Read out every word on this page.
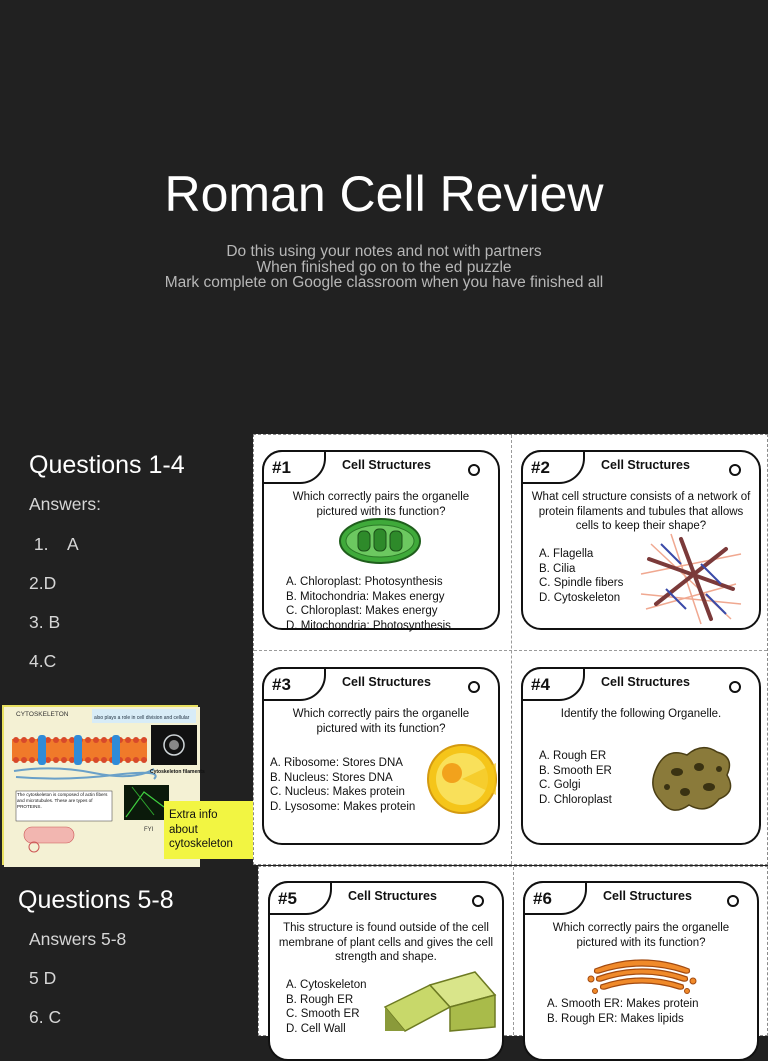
Roman Cell Review
Do this using your notes and not with partners
When finished go on to the ed puzzle
Mark complete on Google classroom when you have finished all
Questions 1-4
Answers:
1.    A
2.D
3. B
4.C
CYTOSKELETON	also plays a role in cell division and cellular
Cytoskeleton filaments
The cytoskeleton is composed of actin fibers and microtubules. These are types of PROTEINS.
FYI
Extra info about cytoskeleton
Questions 5-8
Answers 5-8
5 D
6. C
#1	Cell Structures
Which correctly pairs the organelle pictured with its function?
A. Chloroplast: Photosynthesis
B. Mitochondria: Makes energy
C. Chloroplast: Makes energy
D. Mitochondria: Photosynthesis
#2	Cell Structures
What cell structure consists of a network of protein filaments and tubules that allows cells to keep their shape?
A. Flagella
B. Cilia
C. Spindle fibers
D. Cytoskeleton
#3	Cell Structures
Which correctly pairs the organelle pictured with its function?
A. Ribosome: Stores DNA
B. Nucleus: Stores DNA
C. Nucleus: Makes protein
D. Lysosome: Makes protein
#4	Cell Structures
Identify the following Organelle.
A. Rough ER
B. Smooth ER
C. Golgi
D. Chloroplast
#5	Cell Structures
This structure is found outside of the cell membrane of plant cells and gives the cell strength and shape.
A. Cytoskeleton
B. Rough ER
C. Smooth ER
D. Cell Wall
#6	Cell Structures
Which correctly pairs the organelle pictured with its function?
A. Smooth ER: Makes protein
B. Rough ER: Makes lipids
